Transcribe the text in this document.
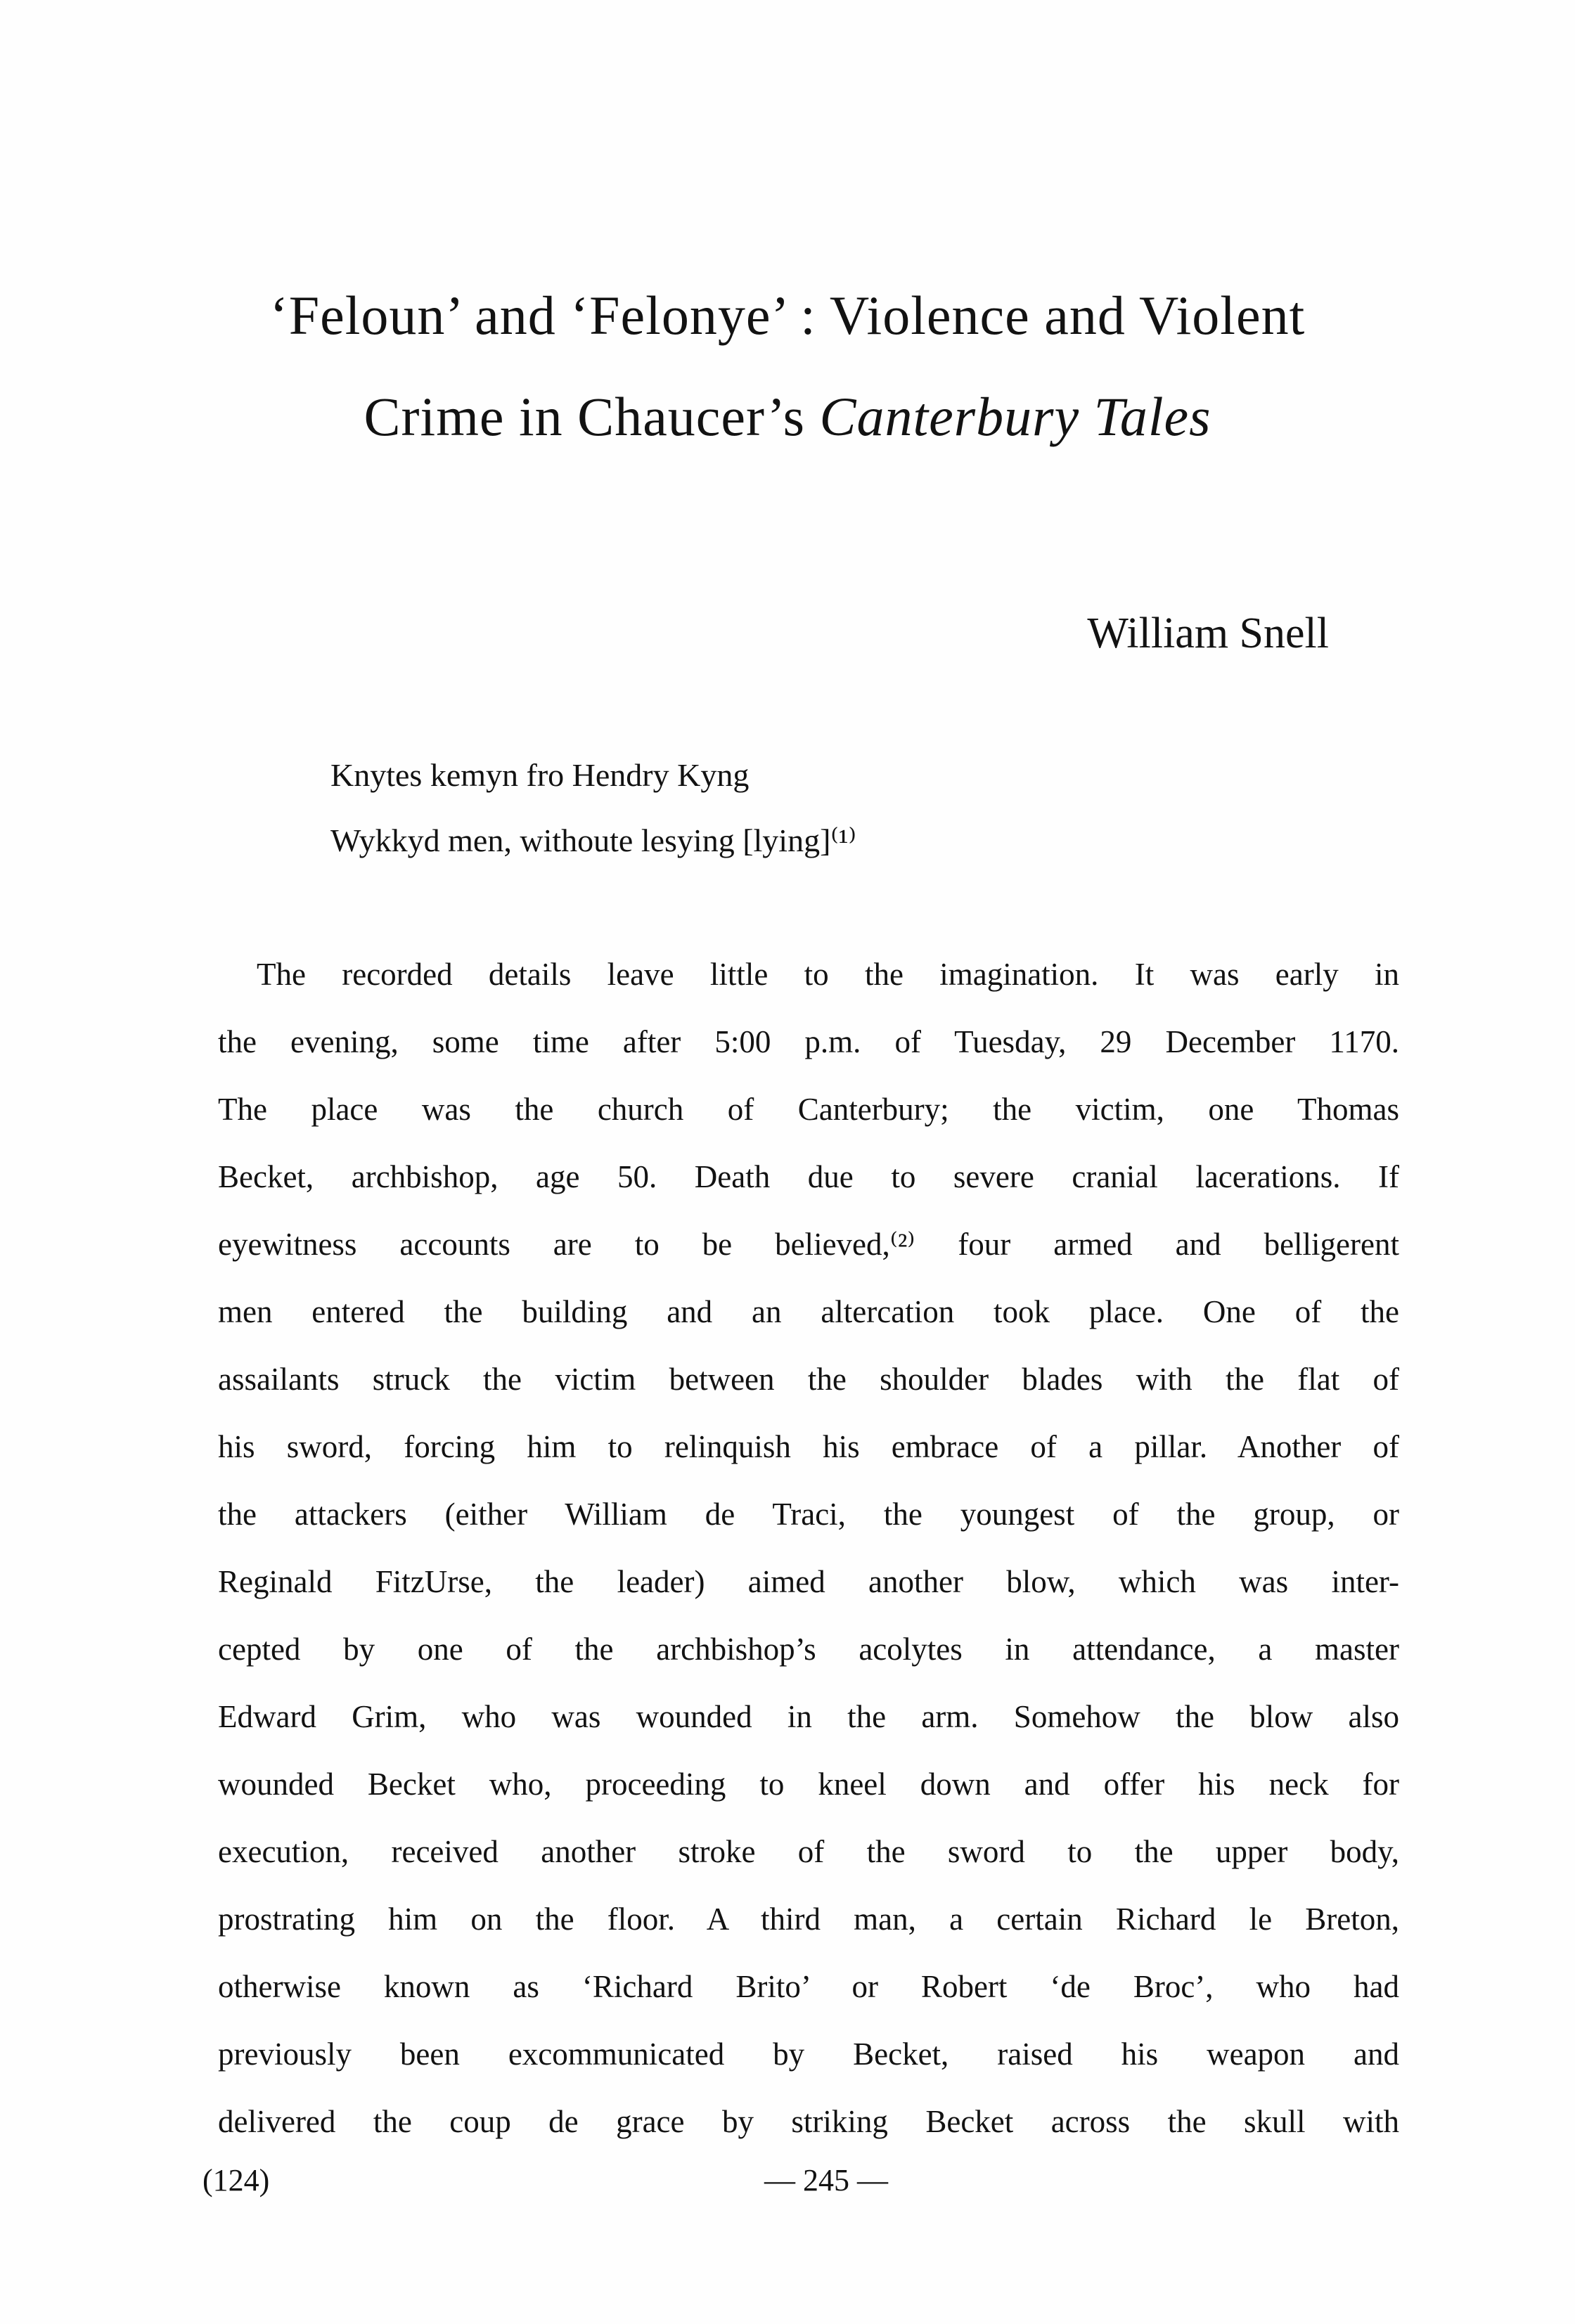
‘Feloun’ and ‘Felonye’ : Violence and Violent
Crime in Chaucer’s Canterbury Tales
William Snell
Knytes kemyn fro Hendry Kyng
Wykkyd men, withoute lesying [lying]⁽¹⁾
The recorded details leave little to the imagination. It was early in
the evening, some time after 5:00 p.m. of Tuesday, 29 December 1170.
The place was the church of Canterbury; the victim, one Thomas
Becket, archbishop, age 50. Death due to severe cranial lacerations. If
eyewitness accounts are to be believed,⁽²⁾ four armed and belligerent
men entered the building and an altercation took place. One of the
assailants struck the victim between the shoulder blades with the flat of
his sword, forcing him to relinquish his embrace of a pillar. Another of
the attackers (either William de Traci, the youngest of the group, or
Reginald FitzUrse, the leader) aimed another blow, which was inter-
cepted by one of the archbishop’s acolytes in attendance, a master
Edward Grim, who was wounded in the arm. Somehow the blow also
wounded Becket who, proceeding to kneel down and offer his neck for
execution, received another stroke of the sword to the upper body,
prostrating him on the floor. A third man, a certain Richard le Breton,
otherwise known as ‘Richard Brito’ or Robert ‘de Broc’, who had
previously been excommunicated by Becket, raised his weapon and
delivered the coup de grace by striking Becket across the skull with
(124)	— 245 —
